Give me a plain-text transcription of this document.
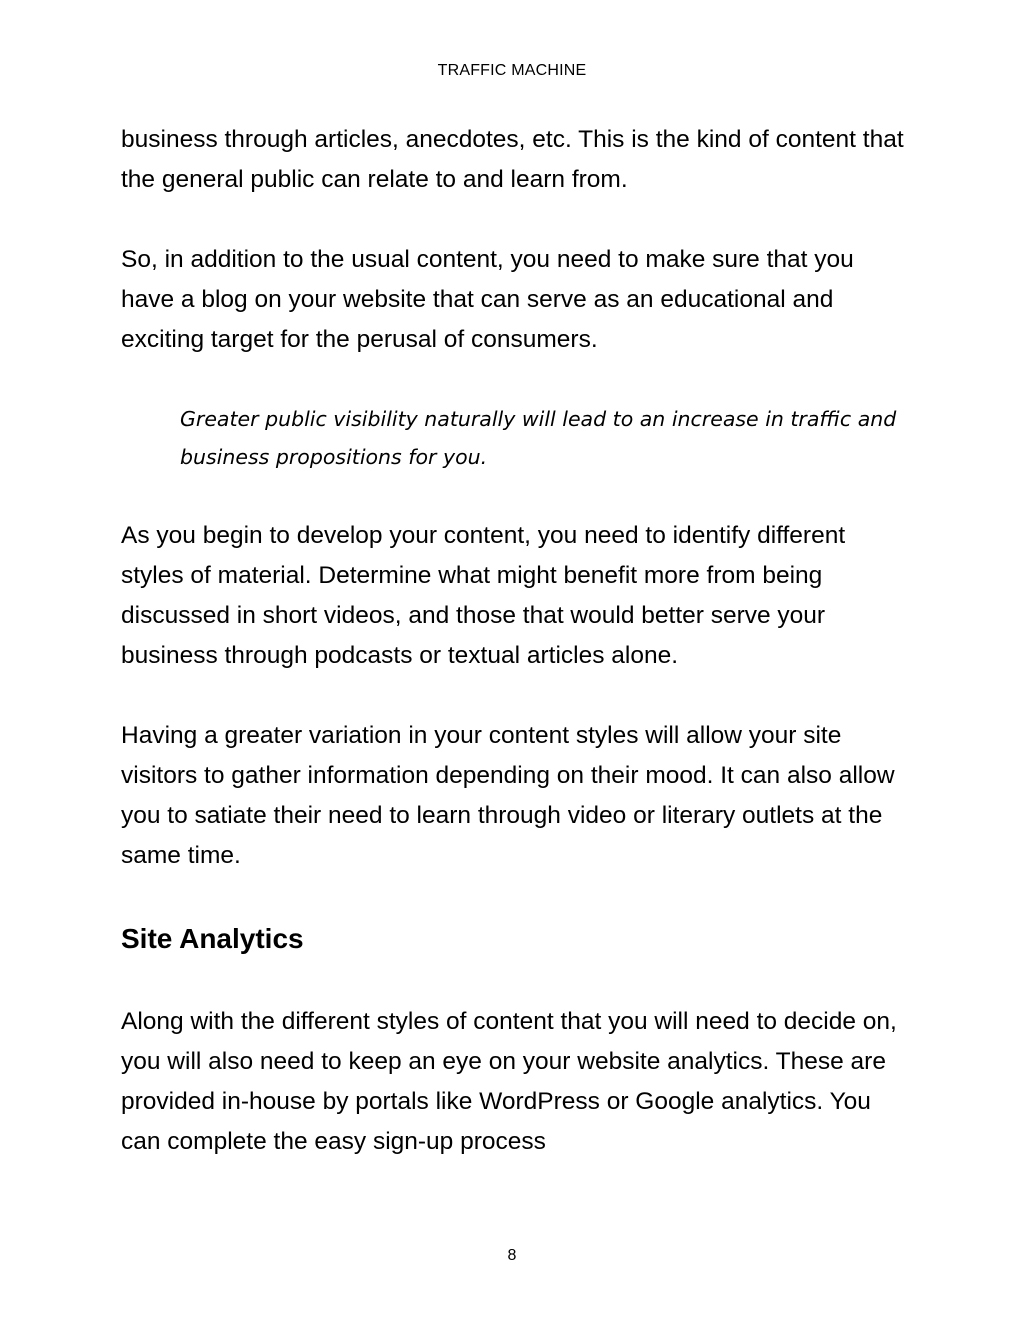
TRAFFIC MACHINE

business through articles, anecdotes, etc. This is the kind of content that the general public can relate to and learn from.

So, in addition to the usual content, you need to make sure that you have a blog on your website that can serve as an educational and exciting target for the perusal of consumers.

Greater public visibility naturally will lead to an increase in traffic and business propositions for you.

As you begin to develop your content, you need to identify different styles of material. Determine what might benefit more from being discussed in short videos, and those that would better serve your business through podcasts or textual articles alone.

Having a greater variation in your content styles will allow your site visitors to gather information depending on their mood. It can also allow you to satiate their need to learn through video or literary outlets at the same time.

Site Analytics

Along with the different styles of content that you will need to decide on, you will also need to keep an eye on your website analytics. These are provided in-house by portals like WordPress or Google analytics. You can complete the easy sign-up process

8
